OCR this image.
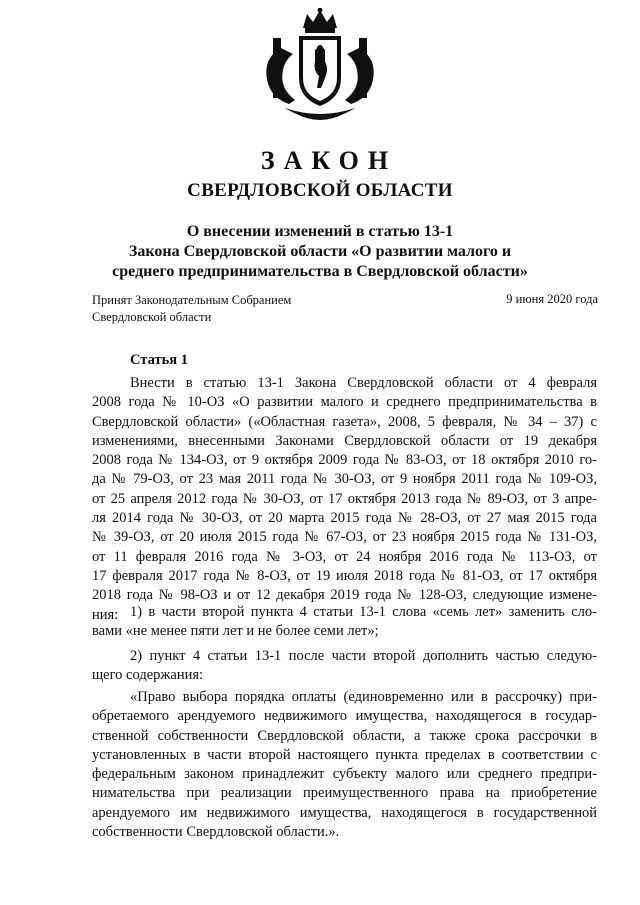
ЗАКОН
СВЕРДЛОВСКОЙ ОБЛАСТИ
О внесении изменений в статью 13-1
Закона Свердловской области «О развитии малого и
среднего предпринимательства в Свердловской области»
Принят Законодательным Собранием
Свердловской области
9 июня 2020 года
Статья 1
Внести в статью 13-1 Закона Свердловской области от 4 февраля
2008 года № 10-ОЗ «О развитии малого и среднего предпринимательства в
Свердловской области» («Областная газета», 2008, 5 февраля, № 34 – 37) с
изменениями, внесенными Законами Свердловской области от 19 декабря
2008 года № 134-ОЗ, от 9 октября 2009 года № 83-ОЗ, от 18 октября 2010 го-
да № 79-ОЗ, от 23 мая 2011 года № 30-ОЗ, от 9 ноября 2011 года № 109-ОЗ,
от 25 апреля 2012 года № 30-ОЗ, от 17 октября 2013 года № 89-ОЗ, от 3 апре-
ля 2014 года № 30-ОЗ, от 20 марта 2015 года № 28-ОЗ, от 27 мая 2015 года
№ 39-ОЗ, от 20 июля 2015 года № 67-ОЗ, от 23 ноября 2015 года № 131-ОЗ,
от 11 февраля 2016 года № 3-ОЗ, от 24 ноября 2016 года № 113-ОЗ, от
17 февраля 2017 года № 8-ОЗ, от 19 июля 2018 года № 81-ОЗ, от 17 октября
2018 года № 98-ОЗ и от 12 декабря 2019 года № 128-ОЗ, следующие измене-
ния: 1) в части второй пункта 4 статьи 13-1 слова «семь лет» заменить сло-
вами «не менее пяти лет и не более семи лет»;
2) пункт 4 статьи 13-1 после части второй дополнить частью следую-
щего содержания:
«Право выбора порядка оплаты (единовременно или в рассрочку) при-
обретаемого арендуемого недвижимого имущества, находящегося в государ-
ственной собственности Свердловской области, а также срока рассрочки в
установленных в части второй настоящего пункта пределах в соответствии с
федеральным законом принадлежит субъекту малого или среднего предпри-
нимательства при реализации преимущественного права на приобретение
арендуемого им недвижимого имущества, находящегося в государственной
собственности Свердловской области.».
